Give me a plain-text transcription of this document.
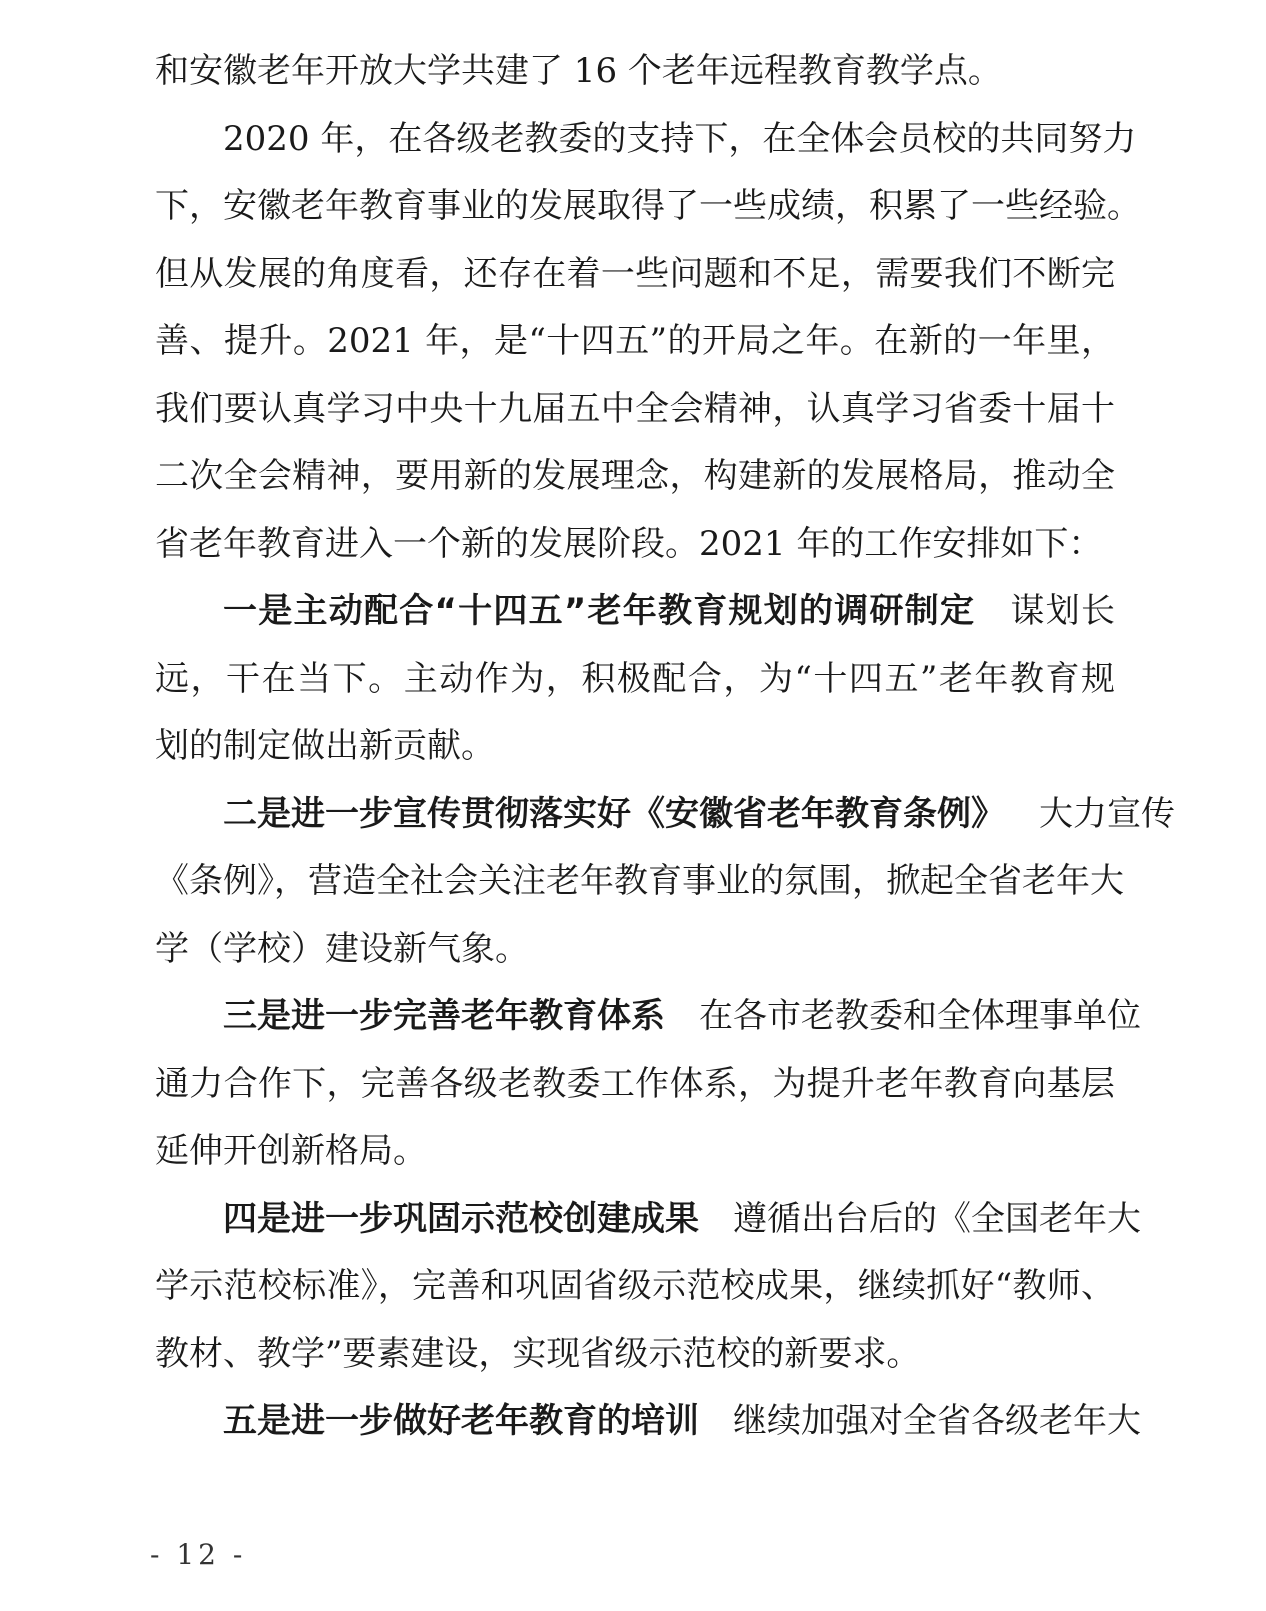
和安徽老年开放大学共建了 16 个老年远程教育教学点。
2020 年，在各级老教委的支持下，在全体会员校的共同努力
下，安徽老年教育事业的发展取得了一些成绩，积累了一些经验。
但从发展的角度看，还存在着一些问题和不足，需要我们不断完
善、提升。2021 年，是“十四五”的开局之年。在新的一年里，
我们要认真学习中央十九届五中全会精神，认真学习省委十届十
二次全会精神，要用新的发展理念，构建新的发展格局，推动全
省老年教育进入一个新的发展阶段。2021 年的工作安排如下：
一是主动配合“十四五”老年教育规划的调研制定 谋划长
远，干在当下。主动作为，积极配合，为“十四五”老年教育规
划的制定做出新贡献。
二是进一步宣传贯彻落实好《安徽省老年教育条例》 大力宣传
《条例》，营造全社会关注老年教育事业的氛围，掀起全省老年大
学（学校）建设新气象。
三是进一步完善老年教育体系 在各市老教委和全体理事单位
通力合作下，完善各级老教委工作体系，为提升老年教育向基层
延伸开创新格局。
四是进一步巩固示范校创建成果 遵循出台后的《全国老年大
学示范校标准》，完善和巩固省级示范校成果，继续抓好“教师、
教材、教学”要素建设，实现省级示范校的新要求。
五是进一步做好老年教育的培训 继续加强对全省各级老年大
- 12 -
